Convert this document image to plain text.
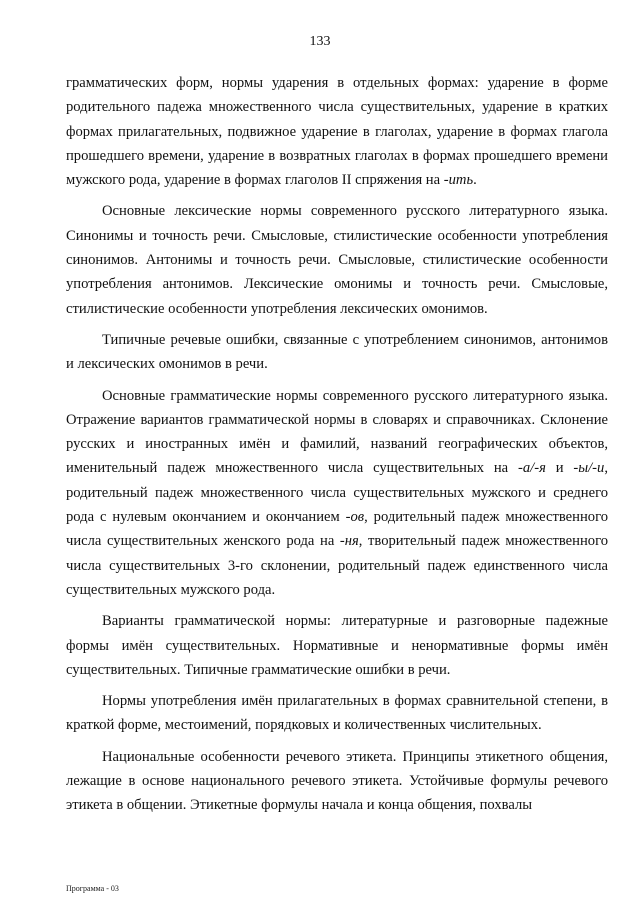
133

грамматических форм, нормы ударения в отдельных формах: ударение в форме родительного падежа множественного числа существительных, ударение в кратких формах прилагательных, подвижное ударение в глаголах, ударение в формах глагола прошедшего времени, ударение в возвратных глаголах в формах прошедшего времени мужского рода, ударение в формах глаголов II спряжения на -ить.

Основные лексические нормы современного русского литературного языка. Синонимы и точность речи. Смысловые, стилистические особенности употребления синонимов. Антонимы и точность речи. Смысловые, стилистические особенности употребления антонимов. Лексические омонимы и точность речи. Смысловые, стилистические особенности употребления лексических омонимов.

Типичные речевые ошибки, связанные с употреблением синонимов, антонимов и лексических омонимов в речи.

Основные грамматические нормы современного русского литературного языка. Отражение вариантов грамматической нормы в словарях и справочниках. Склонение русских и иностранных имён и фамилий, названий географических объектов, именительный падеж множественного числа существительных на -а/-я и -ы/-и, родительный падеж множественного числа существительных мужского и среднего рода с нулевым окончанием и окончанием -ов, родительный падеж множественного числа существительных женского рода на -ня, творительный падеж множественного числа существительных 3-го склонении, родительный падеж единственного числа существительных мужского рода.

Варианты грамматической нормы: литературные и разговорные падежные формы имён существительных. Нормативные и ненормативные формы имён существительных. Типичные грамматические ошибки в речи.

Нормы употребления имён прилагательных в формах сравнительной степени, в краткой форме, местоимений, порядковых и количественных числительных.

Национальные особенности речевого этикета. Принципы этикетного общения, лежащие в основе национального речевого этикета. Устойчивые формулы речевого этикета в общении. Этикетные формулы начала и конца общения, похвалы

Программа - 03
